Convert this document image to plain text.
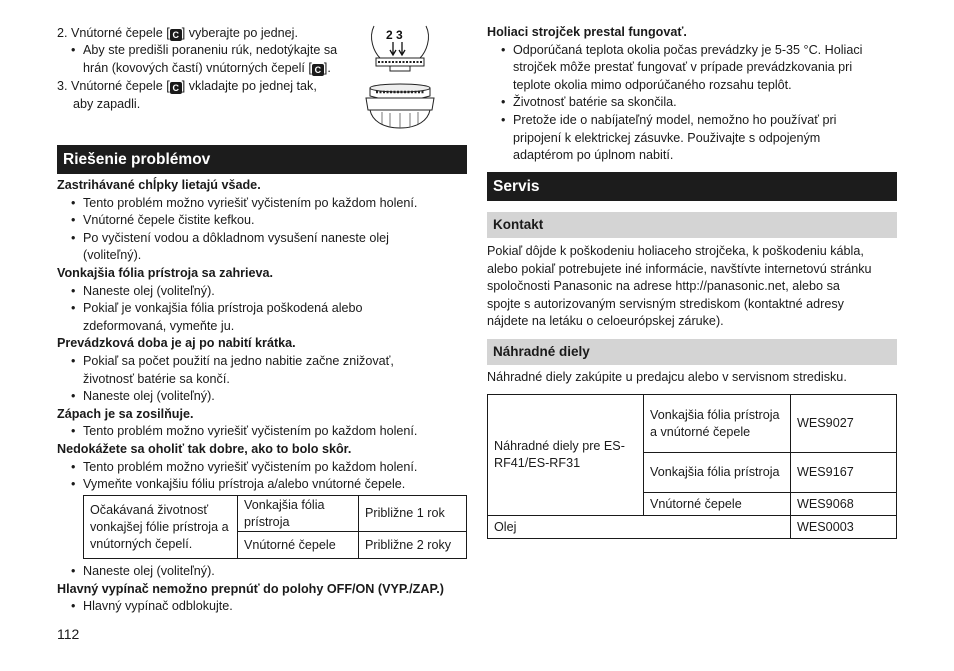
2. Vnútorné čepele [ C ] vyberajte po jednej.
• Aby ste predišli poraneniu rúk, nedotýkajte sa
hrán (kovových častí) vnútorných čepelí [ C ].
3. Vnútorné čepele [ C ] vkladajte po jednej tak,
aby zapadli.
2 3
Riešenie problémov
Zastrihávané chĺpky lietajú všade.
• Tento problém možno vyriešiť vyčistením po každom holení.
• Vnútorné čepele čistite kefkou.
• Po vyčistení vodou a dôkladnom vysušení naneste olej
(voliteľný).
Vonkajšia fólia prístroja sa zahrieva.
• Naneste olej (voliteľný).
• Pokiaľ je vonkajšia fólia prístroja poškodená alebo
zdeformovaná, vymeňte ju.
Prevádzková doba je aj po nabití krátka.
• Pokiaľ sa počet použití na jedno nabitie začne znižovať,
životnosť batérie sa končí.
• Naneste olej (voliteľný).
Zápach je sa zosilňuje.
• Tento problém možno vyriešiť vyčistením po každom holení.
Nedokážete sa oholiť tak dobre, ako to bolo skôr.
• Tento problém možno vyriešiť vyčistením po každom holení.
• Vymeňte vonkajšiu fóliu prístroja a/alebo vnútorné čepele.
Očakávaná životnosť vonkajšej fólie prístroja a vnútorných čepelí.	Vonkajšia fólia prístroja	Približne 1 rok
	Vnútorné čepele	Približne 2 roky
• Naneste olej (voliteľný).
Hlavný vypínač nemožno prepnúť do polohy OFF/ON (VYP./ZAP.)
• Hlavný vypínač odblokujte.
112
Holiaci strojček prestal fungovať.
• Odporúčaná teplota okolia počas prevádzky je 5-35 °C. Holiaci
strojček môže prestať fungovať v prípade prevádzkovania pri
teplote okolia mimo odporúčaného rozsahu teplôt.
• Životnosť batérie sa skončila.
• Pretože ide o nabíjateľný model, nemožno ho používať pri
pripojení k elektrickej zásuvke. Použivajte s odpojeným
adaptérom po úplnom nabití.
Servis
Kontakt
Pokiaľ dôjde k poškodeniu holiaceho strojčeka, k poškodeniu kábla,
alebo pokiaľ potrebujete iné informácie, navštívte internetovú stránku
spoločnosti Panasonic na adrese http://panasonic.net, alebo sa
spojte s autorizovaným servisným strediskom (kontaktné adresy
nájdete na letáku o celoeurópskej záruke).
Náhradné diely
Náhradné diely zakúpite u predajcu alebo v servisnom stredisku.
Náhradné diely pre ES-RF41/ES-RF31	Vonkajšia fólia prístroja a vnútorné čepele	WES9027
	Vonkajšia fólia prístroja	WES9167
	Vnútorné čepele	WES9068
Olej		WES0003
